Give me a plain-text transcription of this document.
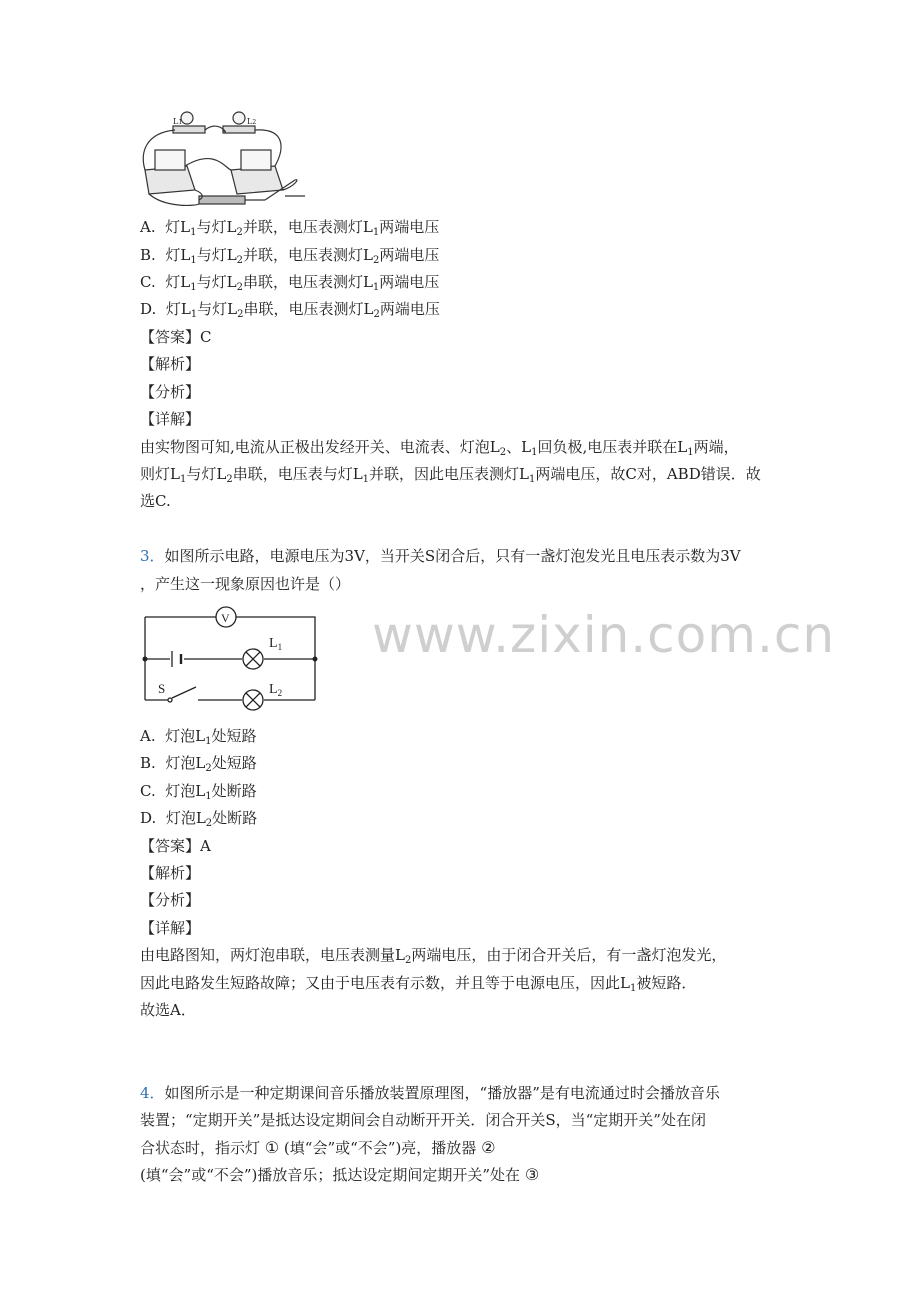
L1	L2
A. 灯$L_1$与灯$L_2$并联，电压表测灯$L_1$两端电压
B. 灯$L_1$与灯$L_2$并联，电压表测灯$L_2$两端电压
C. 灯$L_1$与灯$L_2$串联，电压表测灯$L_1$两端电压
D. 灯$L_1$与灯$L_2$串联，电压表测灯$L_2$两端电压
【答案】C
【解析】
【分析】
【详解】
由实物图可知,电流从正极出发经开关、电流表、灯泡$L_2$、$L_1$回负极,电压表并联在$L_1$两端，
则灯$L_1$与灯$L_2$串联，电压表与灯$L_1$并联，因此电压表测灯$L_1$两端电压，故C对，ABD错误．故
选C.
3．如图所示电路，电源电压为3V，当开关S闭合后，只有一盏灯泡发光且电压表示数为3V
，产生这一现象原因也许是（）
www.zixin.com.cn
V
$L_1$
$L_2$
S
A. 灯泡$L_1$处短路
B. 灯泡$L_2$处短路
C. 灯泡$L_1$处断路
D. 灯泡$L_2$处断路
【答案】A
【解析】
【分析】
【详解】
由电路图知，两灯泡串联，电压表测量$L_2$两端电压，由于闭合开关后，有一盏灯泡发光，
因此电路发生短路故障；又由于电压表有示数，并且等于电源电压，因此$L_1$被短路．
故选A．
4．如图所示是一种定期课间音乐播放装置原理图，“播放器”是有电流通过时会播放音乐
装置；“定期开关”是抵达设定期间会自动断开开关．闭合开关S，当“定期开关”处在闭
合状态时，指示灯 ① (填“会”或“不会”)亮，播放器 ②
(填“会”或“不会”)播放音乐；抵达设定期间定期开关”处在 ③
